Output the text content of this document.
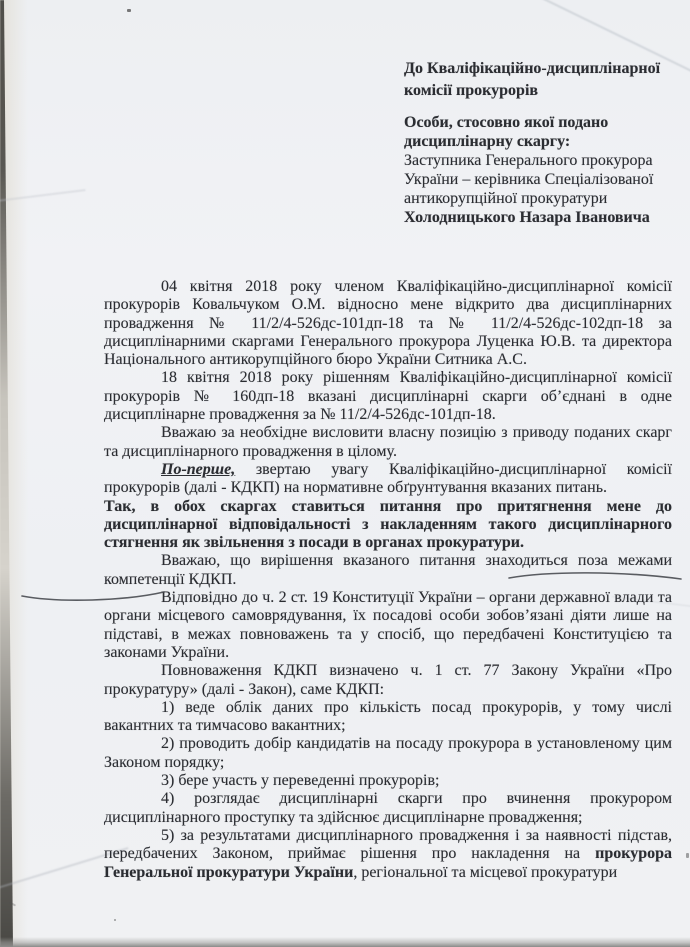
До Кваліфікаційно-дисциплінарної комісії прокурорів

Особи, стосовно якої подано дисциплінарну скаргу:

Заступника Генерального прокурора України – керівника Спеціалізованої антикорупційної прокуратури

Холодницького Назара Івановича

04 квітня 2018 року членом Кваліфікаційно-дисциплінарної комісії прокурорів Ковальчуком О.М. відносно мене відкрито два дисциплінарних провадження № 11/2/4-526дс-101дп-18 та № 11/2/4-526дс-102дп-18 за дисциплінарними скаргами Генерального прокурора Луценка Ю.В. та директора Національного антикорупційного бюро України Ситника А.С.

18 квітня 2018 року рішенням Кваліфікаційно-дисциплінарної комісії прокурорів № 160дп-18 вказані дисциплінарні скарги об’єднані в одне дисциплінарне провадження за № 11/2/4-526дс-101дп-18.

Вважаю за необхідне висловити власну позицію з приводу поданих скарг та дисциплінарного провадження в цілому.

По-перше, звертаю увагу Кваліфікаційно-дисциплінарної комісії прокурорів (далі - КДКП) на нормативне обґрунтування вказаних питань.

Так, в обох скаргах ставиться питання про притягнення мене до дисциплінарної відповідальності з накладенням такого дисциплінарного стягнення як звільнення з посади в органах прокуратури.

Вважаю, що вирішення вказаного питання знаходиться поза межами компетенції КДКП.

Відповідно до ч. 2 ст. 19 Конституції України – органи державної влади та органи місцевого самоврядування, їх посадові особи зобов’язані діяти лише на підставі, в межах повноважень та у спосіб, що передбачені Конституцією та законами України.

Повноваження КДКП визначено ч. 1 ст. 77 Закону України «Про прокуратуру» (далі - Закон), саме КДКП:

1) веде облік даних про кількість посад прокурорів, у тому числі вакантних та тимчасово вакантних;

2) проводить добір кандидатів на посаду прокурора в установленому цим Законом порядку;

3) бере участь у переведенні прокурорів;

4) розглядає дисциплінарні скарги про вчинення прокурором дисциплінарного проступку та здійснює дисциплінарне провадження;

5) за результатами дисциплінарного провадження і за наявності підстав, передбачених Законом, приймає рішення про накладення на прокурора Генеральної прокуратури України, регіональної та місцевої прокуратури
